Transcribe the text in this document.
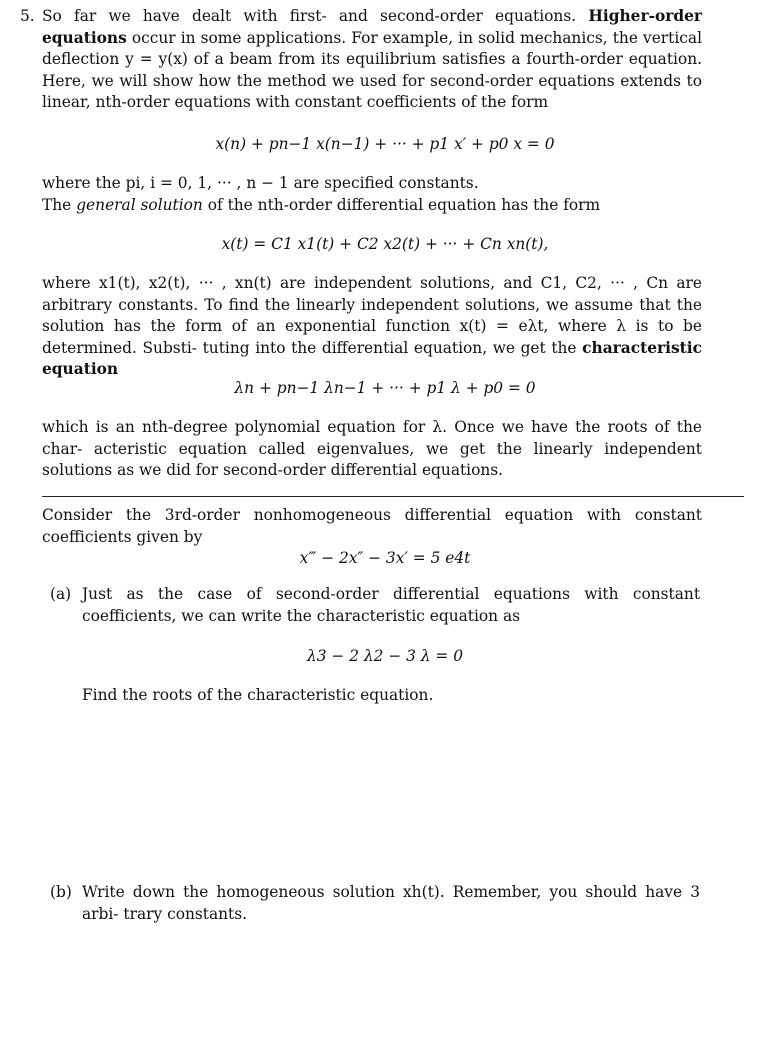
5. So far we have dealt with first- and second-order equations. Higher-order equations occur in some applications. For example, in solid mechanics, the vertical deflection y = y(x) of a beam from its equilibrium satisfies a fourth-order equation. Here, we will show how the method we used for second-order equations extends to linear, nth-order equations with constant coefficients of the form

x(n) + pn−1 x(n−1) + ··· + p1 x′ + p0 x = 0

where the pi, i = 0, 1, ··· , n − 1 are specified constants.
The general solution of the nth-order differential equation has the form

x(t) = C1 x1(t) + C2 x2(t) + ··· + Cn xn(t),

where x1(t), x2(t), ··· , xn(t) are independent solutions, and C1, C2, ··· , Cn are arbitrary constants. To find the linearly independent solutions, we assume that the solution has the form of an exponential function x(t) = eλt, where λ is to be determined. Substi- tuting into the differential equation, we get the characteristic equation

λn + pn−1 λn−1 + ··· + p1 λ + p0 = 0

which is an nth-degree polynomial equation for λ. Once we have the roots of the char- acteristic equation called eigenvalues, we get the linearly independent solutions as we did for second-order differential equations.

Consider the 3rd-order nonhomogeneous differential equation with constant coefficients given by

x‴ − 2x″ − 3x′ = 5 e4t
(a) Just as the case of second-order differential equations with constant coefficients, we can write the characteristic equation as
λ3 − 2 λ2 − 3 λ = 0

Find the roots of the characteristic equation.

(b) Write down the homogeneous solution xh(t). Remember, you should have 3 arbi- trary constants.
